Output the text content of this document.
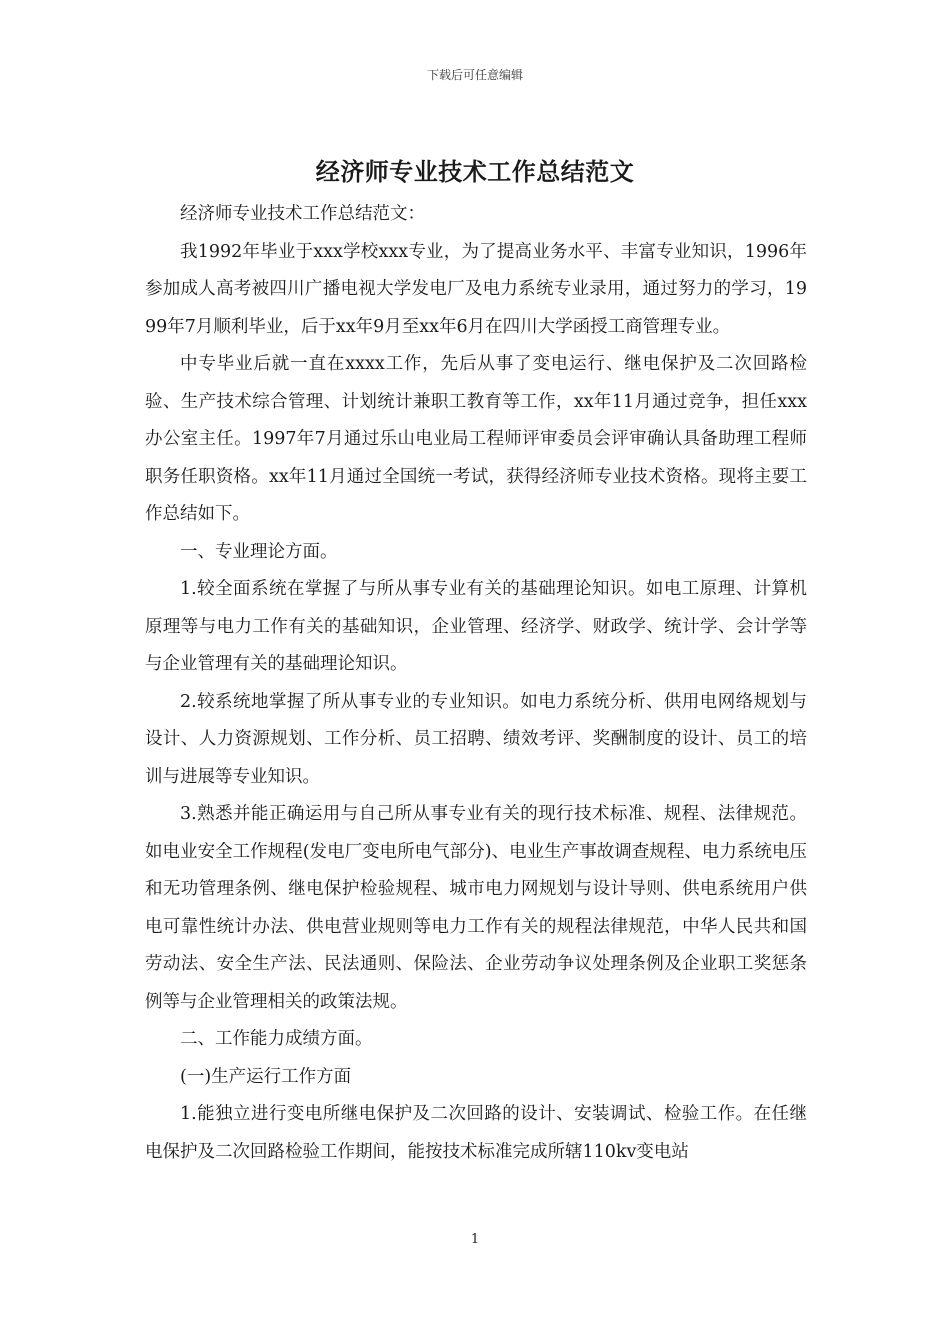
下载后可任意编辑
经济师专业技术工作总结范文

经济师专业技术工作总结范文：

我1992年毕业于xxx学校xxx专业，为了提高业务水平、丰富专业知识，1996年参加成人高考被四川广播电视大学发电厂及电力系统专业录用，通过努力的学习，1999年7月顺利毕业，后于xx年9月至xx年6月在四川大学函授工商管理专业。

中专毕业后就一直在xxxx工作，先后从事了变电运行、继电保护及二次回路检验、生产技术综合管理、计划统计兼职工教育等工作，xx年11月通过竞争，担任xxx办公室主任。1997年7月通过乐山电业局工程师评审委员会评审确认具备助理工程师职务任职资格。xx年11月通过全国统一考试，获得经济师专业技术资格。现将主要工作总结如下。

一、专业理论方面。

1.较全面系统在掌握了与所从事专业有关的基础理论知识。如电工原理、计算机原理等与电力工作有关的基础知识，企业管理、经济学、财政学、统计学、会计学等与企业管理有关的基础理论知识。

2.较系统地掌握了所从事专业的专业知识。如电力系统分析、供用电网络规划与设计、人力资源规划、工作分析、员工招聘、绩效考评、奖酬制度的设计、员工的培训与进展等专业知识。

3.熟悉并能正确运用与自己所从事专业有关的现行技术标准、规程、法律规范。如电业安全工作规程(发电厂变电所电气部分)、电业生产事故调查规程、电力系统电压和无功管理条例、继电保护检验规程、城市电力网规划与设计导则、供电系统用户供电可靠性统计办法、供电营业规则等电力工作有关的规程法律规范，中华人民共和国劳动法、安全生产法、民法通则、保险法、企业劳动争议处理条例及企业职工奖惩条例等与企业管理相关的政策法规。

二、工作能力成绩方面。

(一)生产运行工作方面

1.能独立进行变电所继电保护及二次回路的设计、安装调试、检验工作。在任继电保护及二次回路检验工作期间，能按技术标准完成所辖110kv变电站

1
